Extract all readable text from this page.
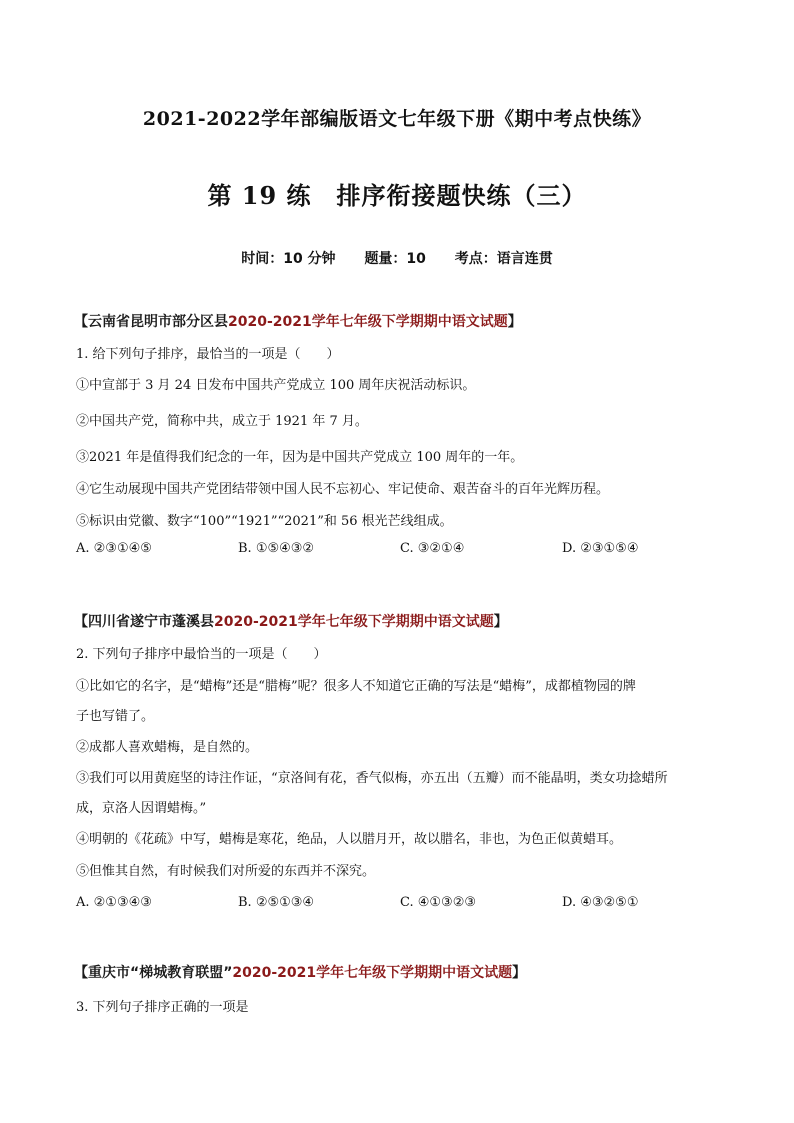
2021-2022学年部编版语文七年级下册《期中考点快练》
第 19 练　排序衔接题快练（三）
时间：10 分钟 题量：10 考点：语言连贯
【云南省昆明市部分区县2020-2021学年七年级下学期期中语文试题】
1. 给下列句子排序，最恰当的一项是（　　）
①中宣部于 3 月 24 日发布中国共产党成立 100 周年庆祝活动标识。
②中国共产党，简称中共，成立于 1921 年 7 月。
③2021 年是值得我们纪念的一年，因为是中国共产党成立 100 周年的一年。
④它生动展现中国共产党团结带领中国人民不忘初心、牢记使命、艰苦奋斗的百年光辉历程。
⑤标识由党徽、数字“100”“1921”“2021”和 56 根光芒线组成。
A. ②③①④⑤	B. ①⑤④③②	C. ③②①④	D. ②③①⑤④
【四川省遂宁市蓬溪县2020-2021学年七年级下学期期中语文试题】
2. 下列句子排序中最恰当的一项是（　　）
①比如它的名字，是“蜡梅”还是“腊梅”呢？很多人不知道它正确的写法是“蜡梅”，成都植物园的牌
子也写错了。
②成都人喜欢蜡梅，是自然的。
③我们可以用黄庭坚的诗注作证，“京洛间有花，香气似梅，亦五出（五瓣）而不能晶明，类女功捻蜡所
成，京洛人因谓蜡梅。”
④明朝的《花疏》中写，蜡梅是寒花，绝品，人以腊月开，故以腊名，非也，为色正似黄蜡耳。
⑤但惟其自然，有时候我们对所爱的东西并不深究。
A. ②①③④③	B. ②⑤①③④	C. ④①③②③	D. ④③②⑤①
【重庆市“梯城教育联盟”2020-2021学年七年级下学期期中语文试题】
3. 下列句子排序正确的一项是
